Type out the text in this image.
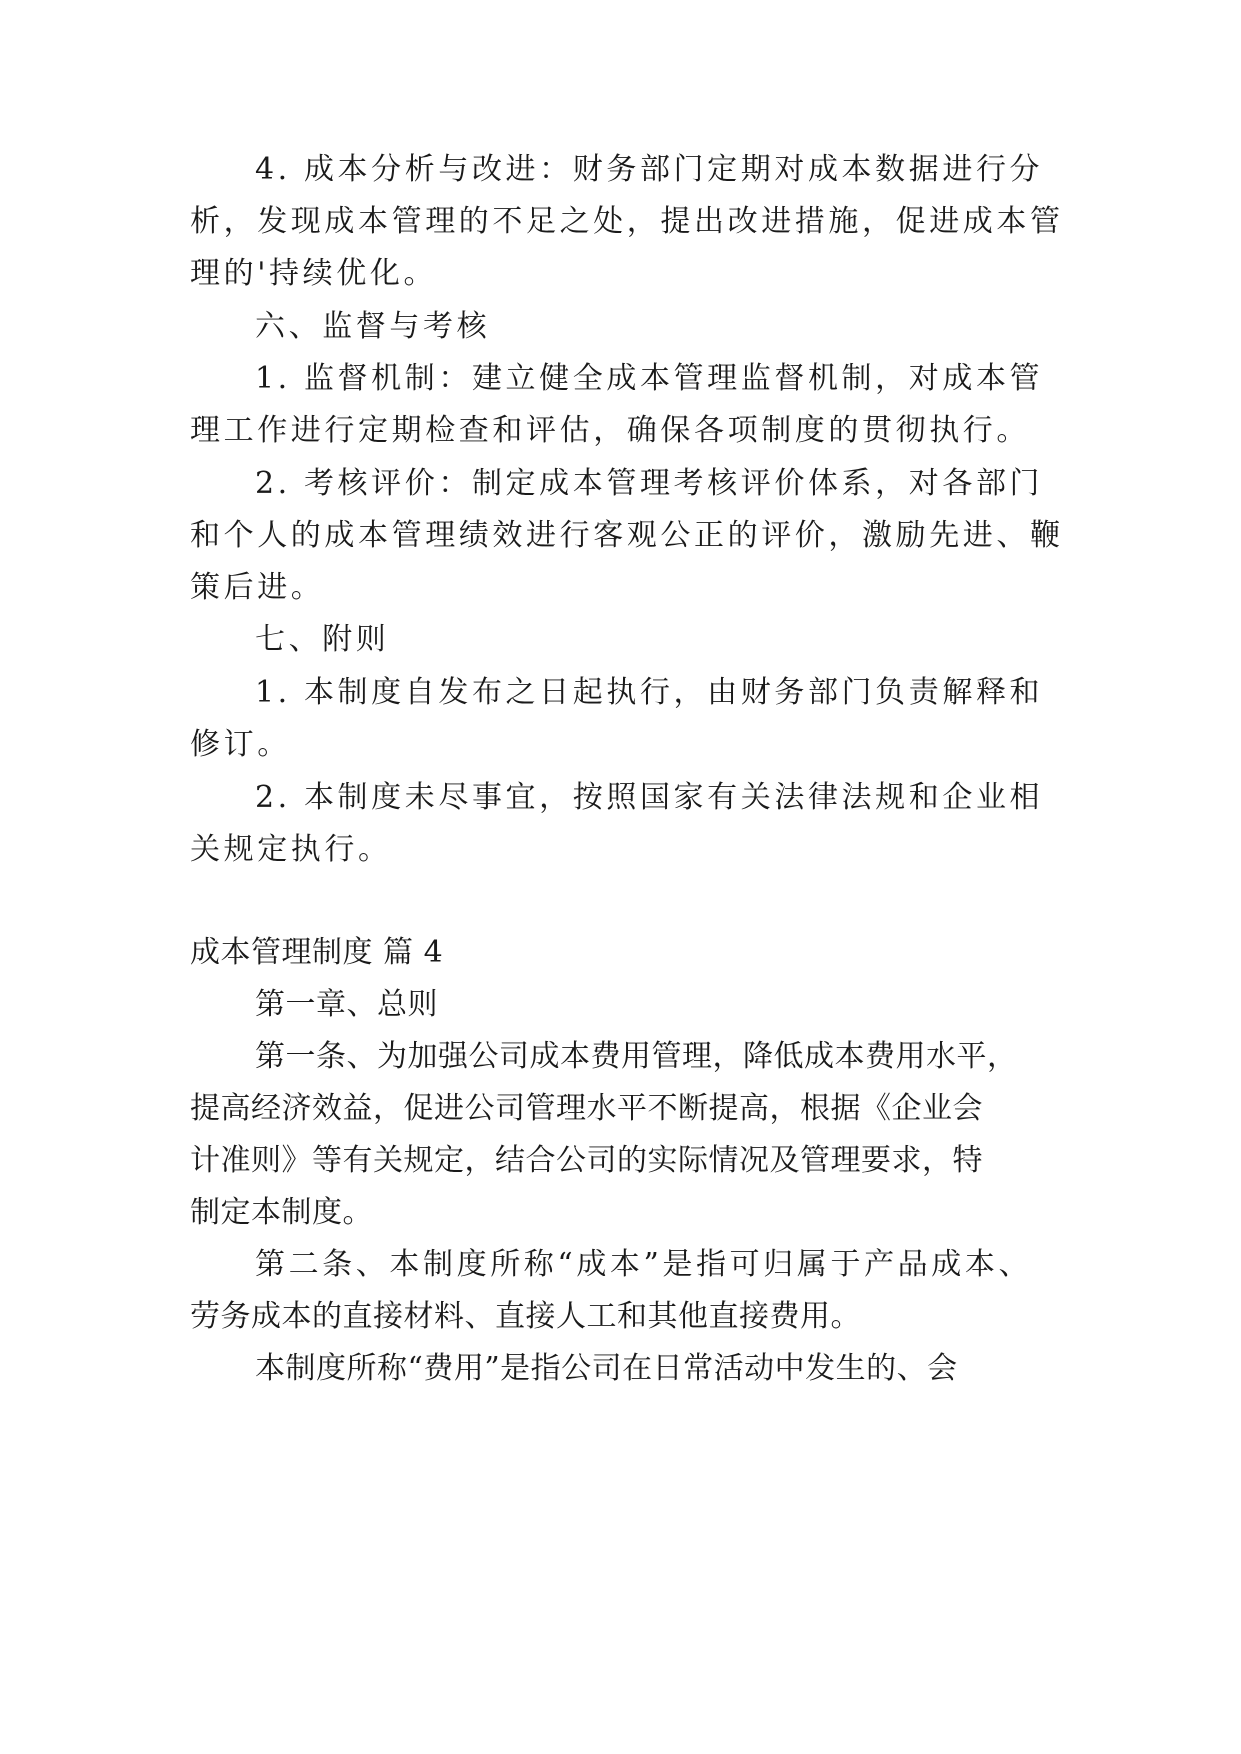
4. 成本分析与改进：财务部门定期对成本数据进行分
析，发现成本管理的不足之处，提出改进措施，促进成本管
理的'持续优化。
六、监督与考核
1. 监督机制：建立健全成本管理监督机制，对成本管
理工作进行定期检查和评估，确保各项制度的贯彻执行。
2. 考核评价：制定成本管理考核评价体系，对各部门
和个人的成本管理绩效进行客观公正的评价，激励先进、鞭
策后进。
七、附则
1. 本制度自发布之日起执行，由财务部门负责解释和
修订。
2. 本制度未尽事宜，按照国家有关法律法规和企业相
关规定执行。
成本管理制度 篇 4
第一章、总则
第一条、为加强公司成本费用管理，降低成本费用水平，
提高经济效益，促进公司管理水平不断提高，根据《企业会
计准则》等有关规定，结合公司的实际情况及管理要求，特
制定本制度。
第二条、本制度所称“成本”是指可归属于产品成本、
劳务成本的直接材料、直接人工和其他直接费用。
本制度所称“费用”是指公司在日常活动中发生的、会
